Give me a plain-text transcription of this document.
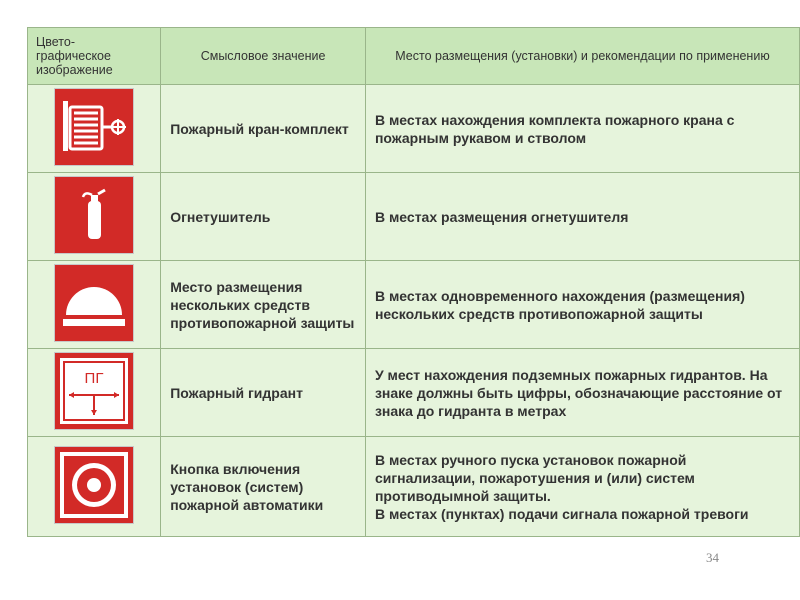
Цвето-
графическое
изображение	Смысловое значение	Место размещения (установки) и рекомендации по применению

	Пожарный кран-комплект	В местах нахождения комплекта пожарного крана с пожарным рукавом и стволом

	Огнетушитель	В местах размещения огнетушителя

	Место размещения нескольких средств противопожарной защиты	В местах одновременного нахождения (размещения) нескольких средств противопожарной защиты

ПГ	Пожарный гидрант	У мест нахождения подземных пожарных гидрантов. На знаке должны быть цифры, обозначающие расстояние от знака до гидранта в метрах

	Кнопка включения установок (систем) пожарной автоматики	В местах ручного пуска установок пожарной сигнализации, пожаротушения и (или) систем противодымной защиты.
В местах (пунктах) подачи сигнала пожарной тревоги
34
